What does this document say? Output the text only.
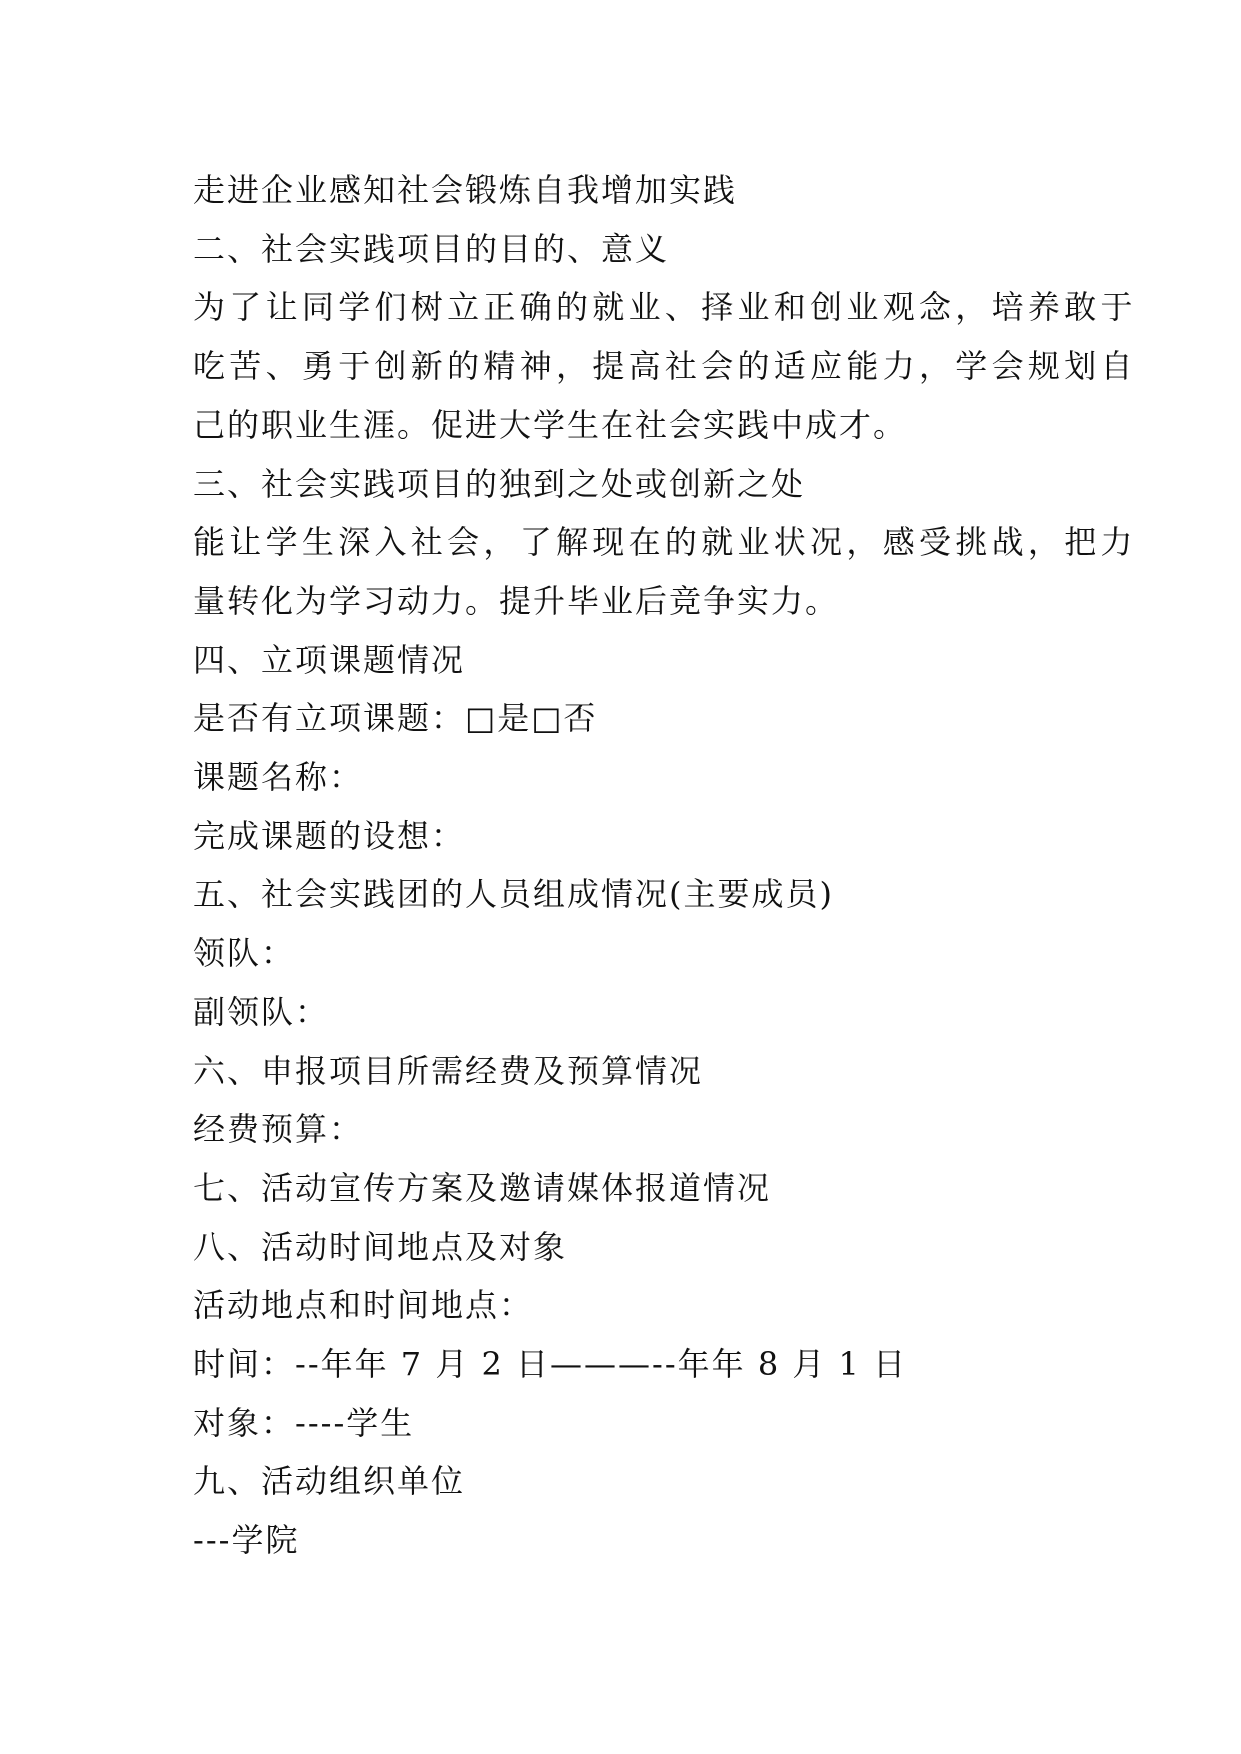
走进企业感知社会锻炼自我增加实践

二、社会实践项目的目的、意义

为了让同学们树立正确的就业、择业和创业观念，培养敢于

吃苦、勇于创新的精神，提高社会的适应能力，学会规划自

己的职业生涯。促进大学生在社会实践中成才。

三、社会实践项目的独到之处或创新之处

能让学生深入社会，了解现在的就业状况，感受挑战，把力

量转化为学习动力。提升毕业后竞争实力。

四、立项课题情况

是否有立项课题：□是□否

课题名称：

完成课题的设想：

五、社会实践团的人员组成情况(主要成员)

领队：

副领队：

六、申报项目所需经费及预算情况

经费预算：

七、活动宣传方案及邀请媒体报道情况

八、活动时间地点及对象

活动地点和时间地点：

时间：--年年 7 月 2 日———--年年 8 月 1 日

对象：----学生

九、活动组织单位

---学院
